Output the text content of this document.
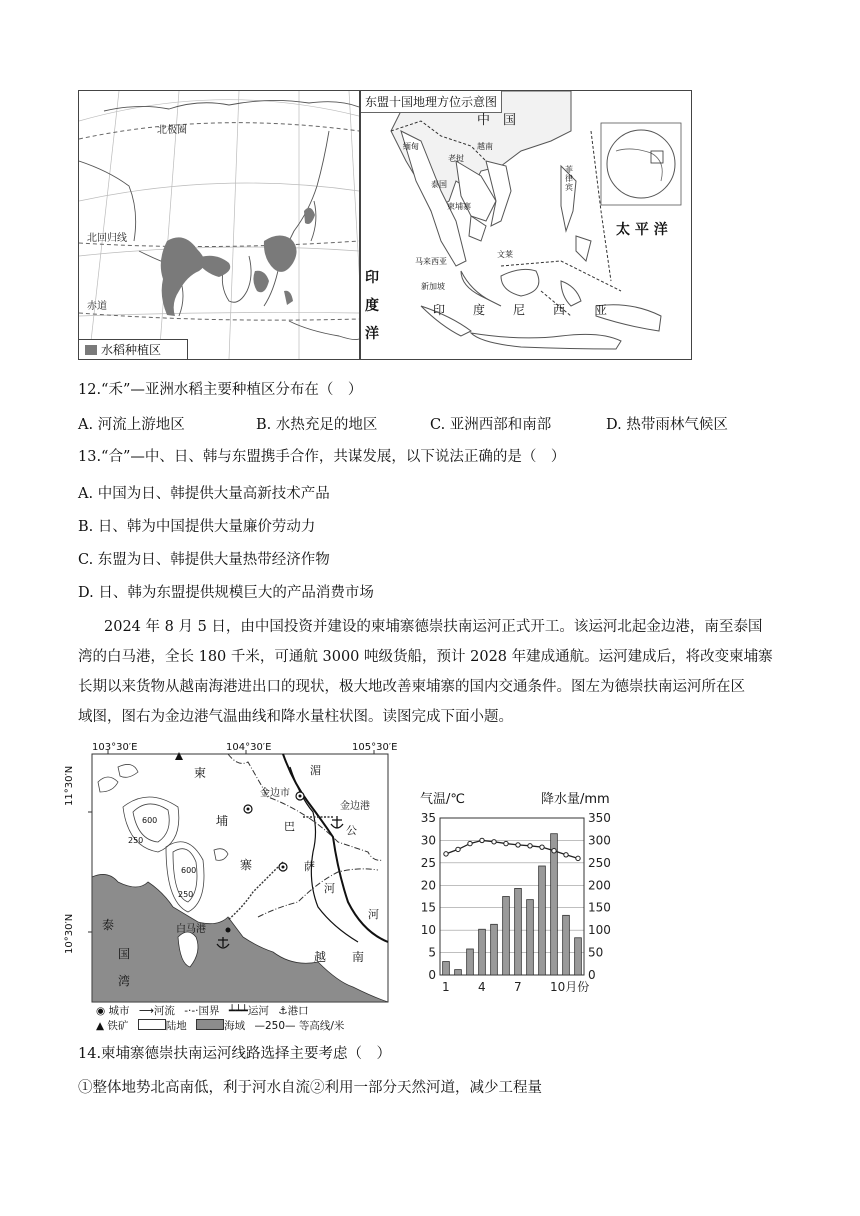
北极圈
北回归线
赤道
水稻种植区
东盟十国地理方位示意图
中　国
太 平 洋
缅甸
老挝
越南
泰国
柬埔寨
菲律宾
文莱
马来西亚
新加坡
印
度
洋
印 度 尼 西 亚
12.“禾”—亚洲水稻主要种植区分布在（　）
A. 河流上游地区	B. 水热充足的地区	C. 亚洲西部和南部	D. 热带雨林气候区
13.“合”—中、日、韩与东盟携手合作，共谋发展，以下说法正确的是（　）
A. 中国为日、韩提供大量高新技术产品
B. 日、韩为中国提供大量廉价劳动力
C. 东盟为日、韩提供大量热带经济作物
D. 日、韩为东盟提供规模巨大的产品消费市场
2024 年 8 月 5 日，由中国投资并建设的柬埔寨德崇扶南运河正式开工。该运河北起金边港，南至泰国
湾的白马港，全长 180 千米，可通航 3000 吨级货船，预计 2028 年建成通航。运河建成后，将改变柬埔寨
长期以来货物从越南海港进出口的现状，极大地改善柬埔寨的国内交通条件。图左为德崇扶南运河所在区
域图，图右为金边港气温曲线和降水量柱状图。读图完成下面小题。
103°30′E	104°30′E	105°30′E
11°30′N
10°30′N
金边市
金边港
白马港
柬
埔
寨
越 南
泰
国
湾
巴
萨
河
湄
公
河
600
250
600
250
◉ 城市 ⟶河流 -·-·国界 ┷┷┷运河 ⚓港口
▲ 铁矿	陆地	海域 —250— 等高线/米
气温/℃	降水量/mm
0	0
5	50
10	100
15	150
20	200
25	250
30	300
35	350
1 4 7 10月份
14.柬埔寨德崇扶南运河线路选择主要考虑（　）
①整体地势北高南低，利于河水自流②利用一部分天然河道，减少工程量
